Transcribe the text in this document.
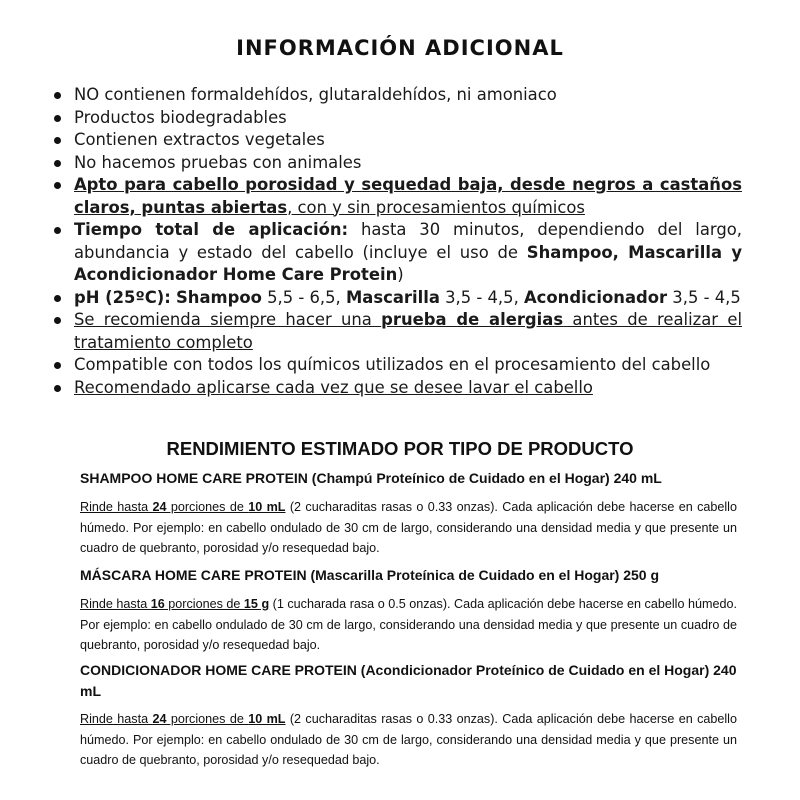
INFORMACIÓN ADICIONAL
NO contienen formaldehídos, glutaraldehídos, ni amoniaco
Productos biodegradables
Contienen extractos vegetales
No hacemos pruebas con animales
Apto para cabello porosidad y sequedad baja, desde negros a castaños claros, puntas abiertas, con y sin procesamientos químicos
Tiempo total de aplicación: hasta 30 minutos, dependiendo del largo, abundancia y estado del cabello (incluye el uso de Shampoo, Mascarilla y Acondicionador Home Care Protein)
pH (25ºC): Shampoo 5,5 - 6,5, Mascarilla 3,5 - 4,5, Acondicionador 3,5 - 4,5
Se recomienda siempre hacer una prueba de alergias antes de realizar el tratamiento completo
Compatible con todos los químicos utilizados en el procesamiento del cabello
Recomendado aplicarse cada vez que se desee lavar el cabello
RENDIMIENTO ESTIMADO POR TIPO DE PRODUCTO

SHAMPOO HOME CARE PROTEIN (Champú Proteínico de Cuidado en el Hogar) 240 mL

Rinde hasta 24 porciones de 10 mL (2 cucharaditas rasas o 0.33 onzas). Cada aplicación debe hacerse en cabello húmedo. Por ejemplo: en cabello ondulado de 30 cm de largo, considerando una densidad media y que presente un cuadro de quebranto, porosidad y/o resequedad bajo.

MÁSCARA HOME CARE PROTEIN (Mascarilla Proteínica de Cuidado en el Hogar) 250 g

Rinde hasta 16 porciones de 15 g (1 cucharada rasa o 0.5 onzas). Cada aplicación debe hacerse en cabello húmedo. Por ejemplo: en cabello ondulado de 30 cm de largo, considerando una densidad media y que presente un cuadro de quebranto, porosidad y/o resequedad bajo.

CONDICIONADOR HOME CARE PROTEIN (Acondicionador Proteínico de Cuidado en el Hogar) 240 mL

Rinde hasta 24 porciones de 10 mL (2 cucharaditas rasas o 0.33 onzas). Cada aplicación debe hacerse en cabello húmedo. Por ejemplo: en cabello ondulado de 30 cm de largo, considerando una densidad media y que presente un cuadro de quebranto, porosidad y/o resequedad bajo.
